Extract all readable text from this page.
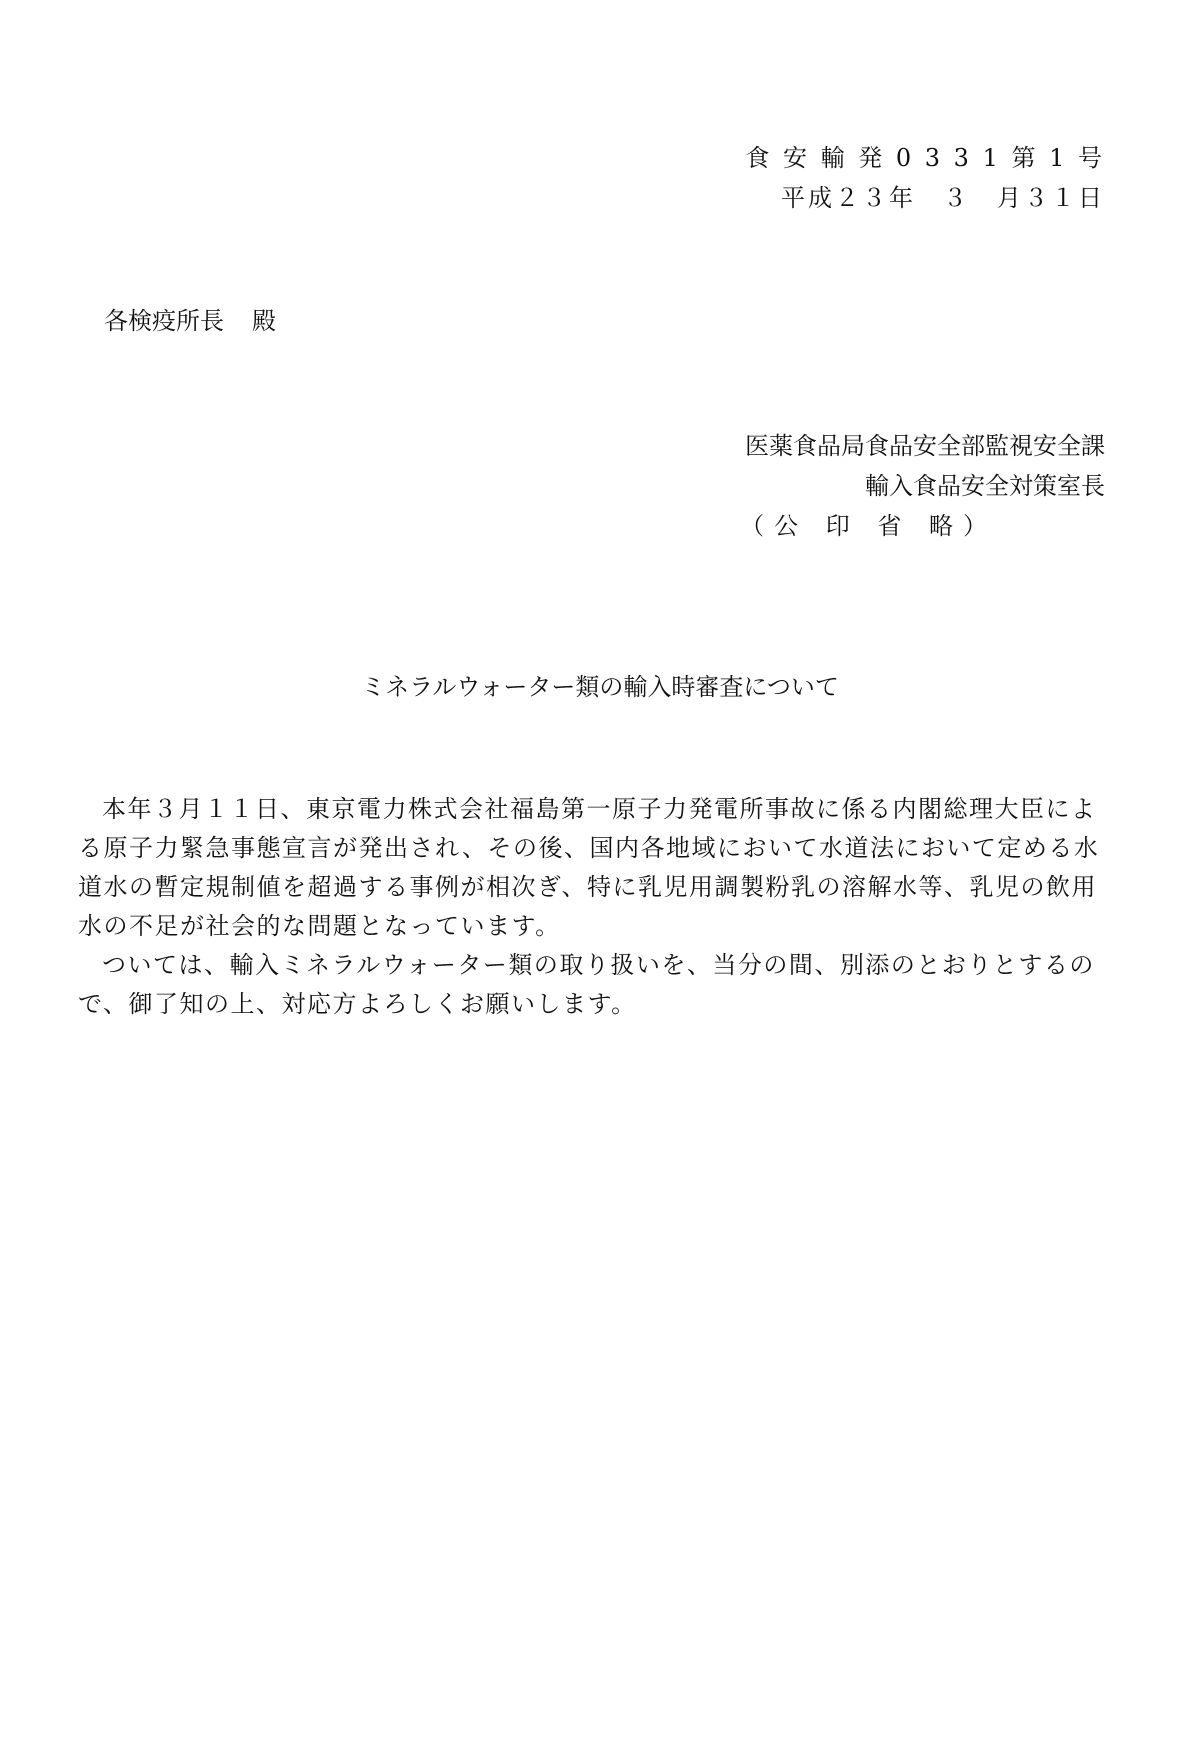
食 安 輸 発 0 3 3 1 第 1 号
平成２３年　３　月３１日
各検疫所長 殿
医薬食品局食品安全部監視安全課
輸入食品安全対策室長
（公 印 省 略）
ミネラルウォーター類の輸入時審査について

本年３月１１日、東京電力株式会社福島第一原子力発電所事故に係る内閣総理大臣による原子力緊急事態宣言が発出され、その後、国内各地域において水道法において定める水道水の暫定規制値を超過する事例が相次ぎ、特に乳児用調製粉乳の溶解水等、乳児の飲用水の不足が社会的な問題となっています。

ついては、輸入ミネラルウォーター類の取り扱いを、当分の間、別添のとおりとするので、御了知の上、対応方よろしくお願いします。
